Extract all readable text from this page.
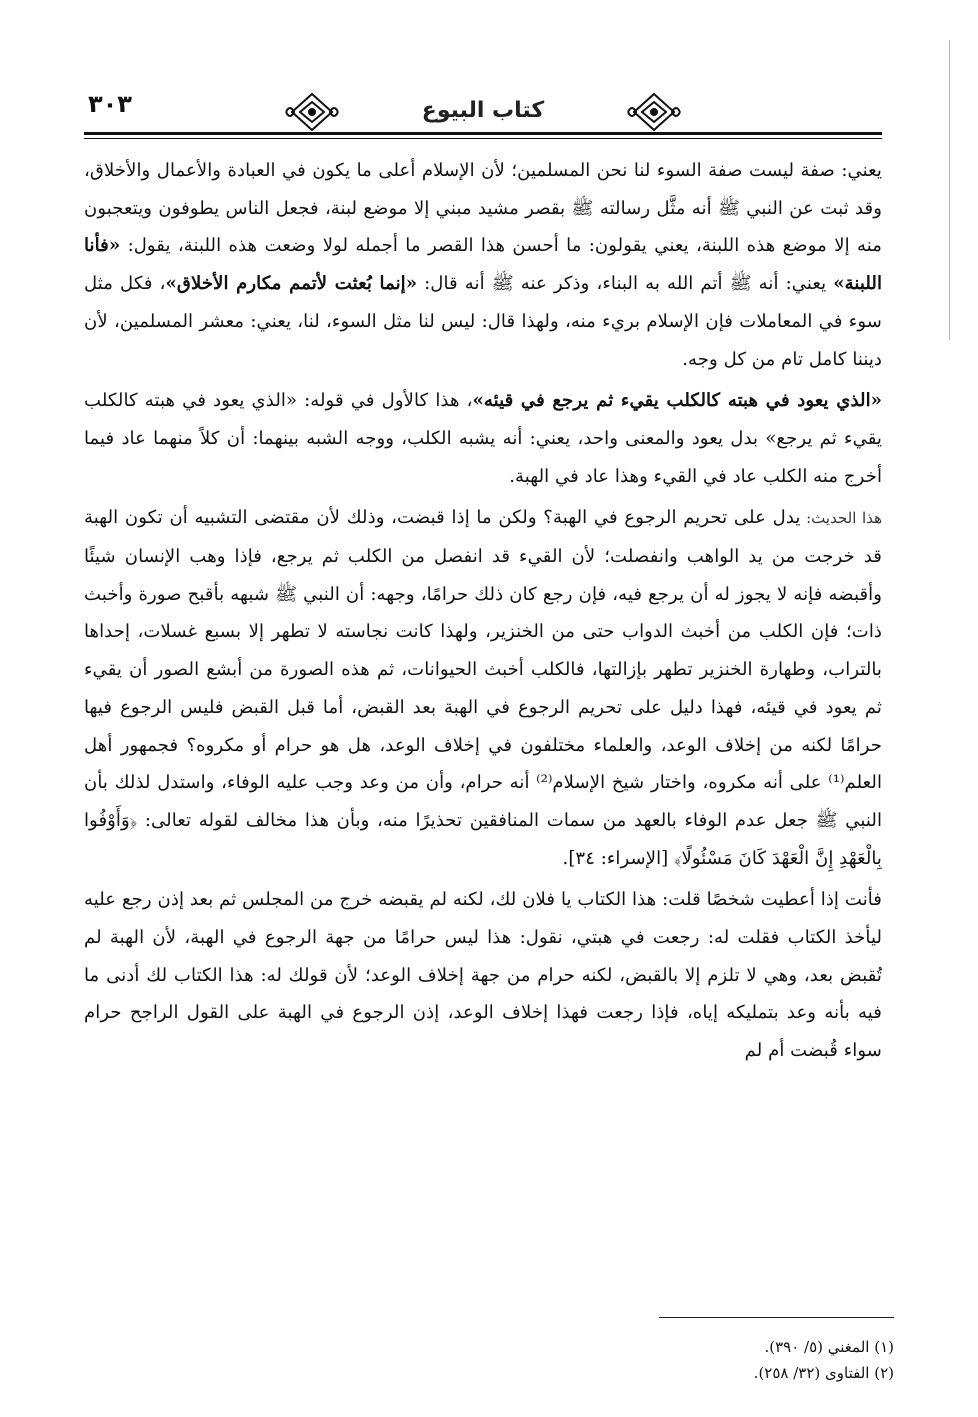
٣٠٣	كتاب البيوع

يعني: صفة ليست صفة السوء لنا نحن المسلمين؛ لأن الإسلام أعلى ما يكون في العبادة والأعمال والأخلاق، وقد ثبت عن النبي ﷺ أنه مثَّل رسالته ﷺ بقصر مشيد مبني إلا موضع لبنة، فجعل الناس يطوفون ويتعجبون منه إلا موضع هذه اللبنة، يعني يقولون: ما أحسن هذا القصر ما أجمله لولا وضعت هذه اللبنة، يقول: «فأنا اللبنة» يعني: أنه ﷺ أتم الله به البناء، وذكر عنه ﷺ أنه قال: «إنما بُعثت لأتمم مكارم الأخلاق»، فكل مثل سوء في المعاملات فإن الإسلام بريء منه، ولهذا قال: ليس لنا مثل السوء، لنا، يعني: معشر المسلمين، لأن ديننا كامل تام من كل وجه.

«الذي يعود في هبته كالكلب يقيء ثم يرجع في قيئه»، هذا كالأول في قوله: «الذي يعود في هبته كالكلب يقيء ثم يرجع» بدل يعود والمعنى واحد، يعني: أنه يشبه الكلب، ووجه الشبه بينهما: أن كلاً منهما عاد فيما أخرج منه الكلب عاد في القيء وهذا عاد في الهبة.

هذا الحديث: يدل على تحريم الرجوع في الهبة؟ ولكن ما إذا قبضت، وذلك لأن مقتضى التشبيه أن تكون الهبة قد خرجت من يد الواهب وانفصلت؛ لأن القيء قد انفصل من الكلب ثم يرجع، فإذا وهب الإنسان شيئًا وأقبضه فإنه لا يجوز له أن يرجع فيه، فإن رجع كان ذلك حرامًا، وجهه: أن النبي ﷺ شبهه بأقبح صورة وأخبث ذات؛ فإن الكلب من أخبث الدواب حتى من الخنزير، ولهذا كانت نجاسته لا تطهر إلا بسبع غسلات، إحداها بالتراب، وطهارة الخنزير تطهر بإزالتها، فالكلب أخبث الحيوانات، ثم هذه الصورة من أبشع الصور أن يقيء ثم يعود في قيئه، فهذا دليل على تحريم الرجوع في الهبة بعد القبض، أما قبل القبض فليس الرجوع فيها حرامًا لكنه من إخلاف الوعد، والعلماء مختلفون في إخلاف الوعد، هل هو حرام أو مكروه؟ فجمهور أهل العلم⁽¹⁾ على أنه مكروه، واختار شيخ الإسلام⁽²⁾ أنه حرام، وأن من وعد وجب عليه الوفاء، واستدل لذلك بأن النبي ﷺ جعل عدم الوفاء بالعهد من سمات المنافقين تحذيرًا منه، وبأن هذا مخالف لقوله تعالى: ﴿وَأَوْفُوا بِالْعَهْدِ إِنَّ الْعَهْدَ كَانَ مَسْئُولًا﴾ [الإسراء: ٣٤].

فأنت إذا أعطيت شخصًا قلت: هذا الكتاب يا فلان لك، لكنه لم يقبضه خرج من المجلس ثم بعد إذن رجع عليه ليأخذ الكتاب فقلت له: رجعت في هبتي، نقول: هذا ليس حرامًا من جهة الرجوع في الهبة، لأن الهبة لم تُقبض بعد، وهي لا تلزم إلا بالقبض، لكنه حرام من جهة إخلاف الوعد؛ لأن قولك له: هذا الكتاب لك أدنى ما فيه بأنه وعد بتمليكه إياه، فإذا رجعت فهذا إخلاف الوعد، إذن الرجوع في الهبة على القول الراجح حرام سواء قُبضت أم لم

(١) المغني (٥/ ٣٩٠).
(٢) الفتاوى (٣٢/ ٢٥٨).
